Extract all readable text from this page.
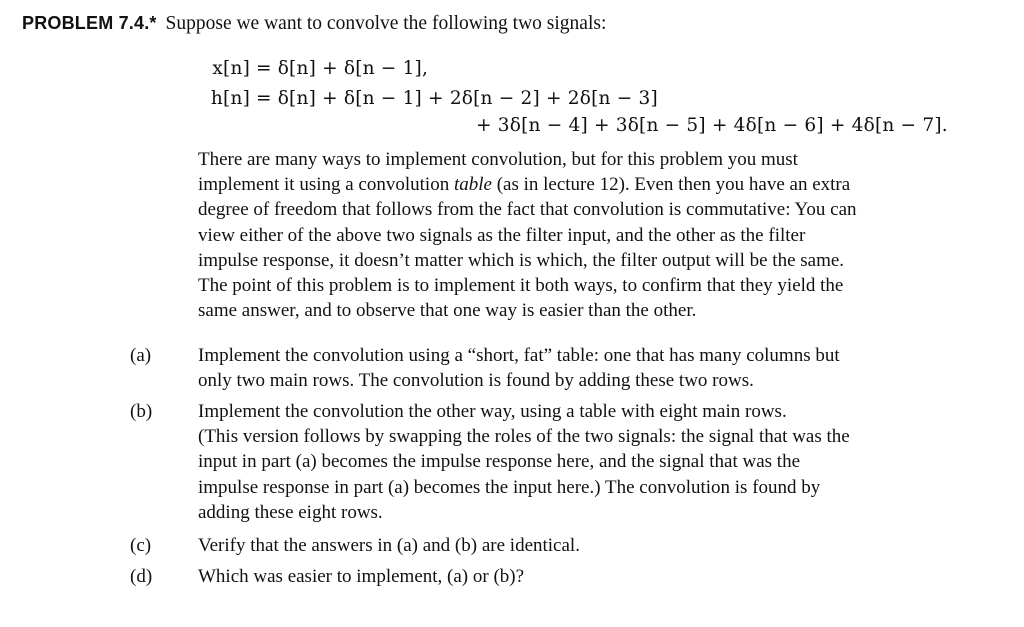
PROBLEM 7.4.* Suppose we want to convolve the following two signals:
x[n] = δ[n] + δ[n − 1],
h[n] = δ[n] + δ[n − 1] + 2δ[n − 2] + 2δ[n − 3]
+ 3δ[n − 4] + 3δ[n − 5] + 4δ[n − 6] + 4δ[n − 7].
There are many ways to implement convolution, but for this problem you must
implement it using a convolution table (as in lecture 12). Even then you have an extra
degree of freedom that follows from the fact that convolution is commutative: You can
view either of the above two signals as the filter input, and the other as the filter
impulse response, it doesn’t matter which is which, the filter output will be the same.
The point of this problem is to implement it both ways, to confirm that they yield the
same answer, and to observe that one way is easier than the other.
(a)	Implement the convolution using a “short, fat” table: one that has many columns but
only two main rows. The convolution is found by adding these two rows.
(b)	Implement the convolution the other way, using a table with eight main rows.
(This version follows by swapping the roles of the two signals: the signal that was the
input in part (a) becomes the impulse response here, and the signal that was the
impulse response in part (a) becomes the input here.) The convolution is found by
adding these eight rows.
(c)	Verify that the answers in (a) and (b) are identical.
(d)	Which was easier to implement, (a) or (b)?
